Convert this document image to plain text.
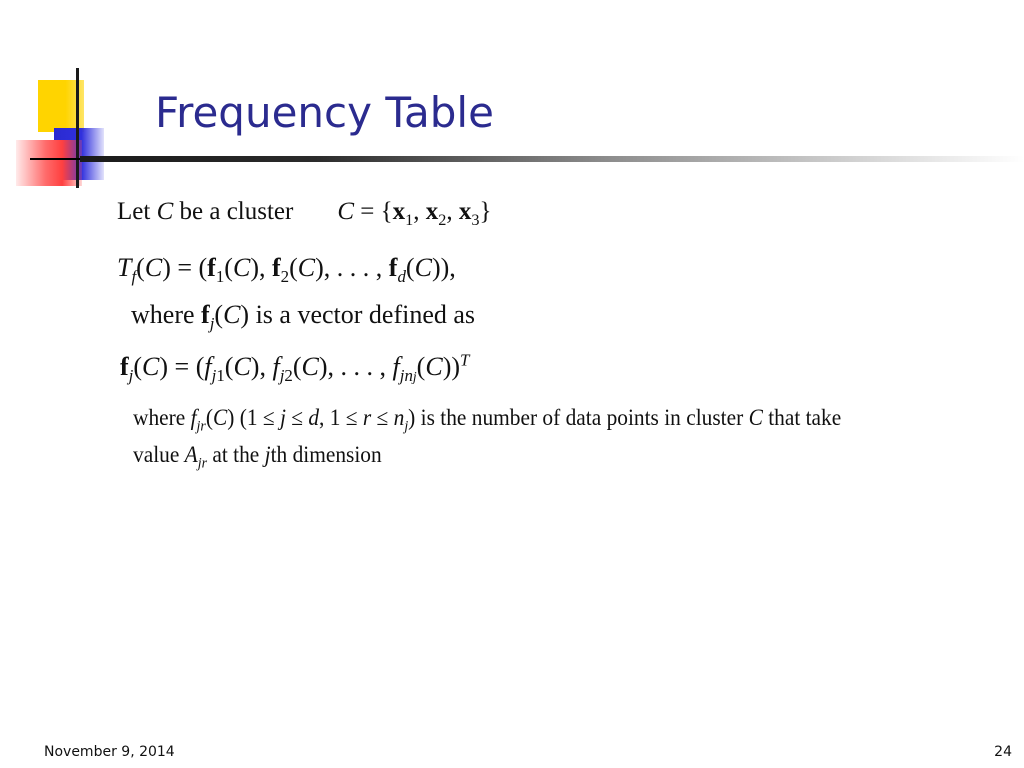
Frequency Table
Let C be a cluster $C = \{x_1$, $x_2$, $x_3$}
$T_f(C) = (f_1(C)$, $f_2(C)$, . . . , $f_d(C)$),
where $f_j(C)$ is a vector defined as
$f_j(C) = (f_{j1}(C)$, $f_{j2}(C)$, . . . , $f_{jnj}(C))^T$
where $f_{jr}(C) (1 \le j \le d$, $1 \le r \le n_j$) is the number of data points in cluster C that take
value $A_{jr}$ at the jth dimension
November 9, 2014	24
